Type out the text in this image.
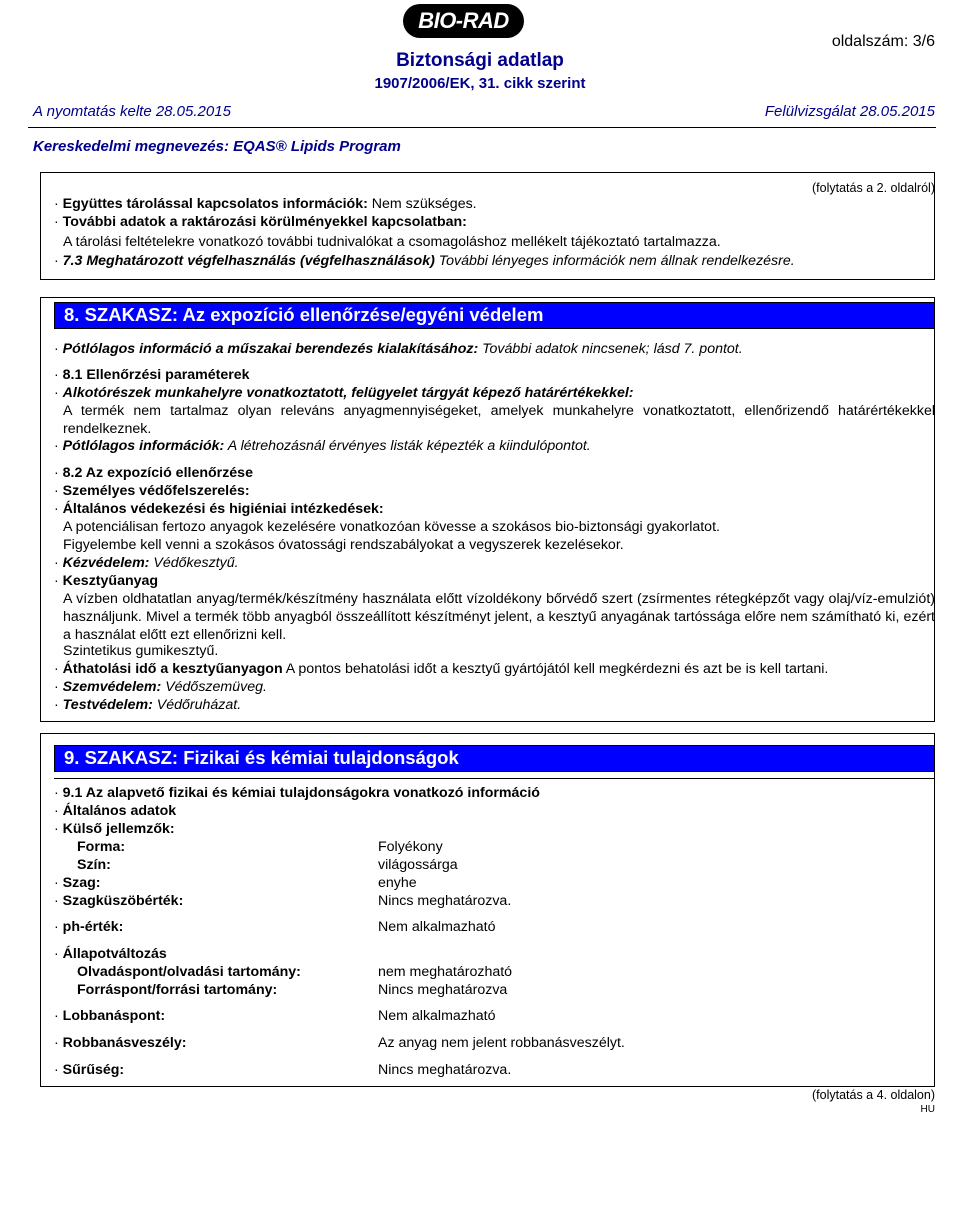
BIO-RAD
oldalszám: 3/6
Biztonsági adatlap
1907/2006/EK, 31. cikk szerint
A nyomtatás kelte 28.05.2015	Felülvizsgálat 28.05.2015
Kereskedelmi megnevezés: EQAS® Lipids Program
(folytatás a 2. oldalról)
· Együttes tárolással kapcsolatos információk: Nem szükséges.
· További adatok a raktározási körülményekkel kapcsolatban:
A tárolási feltételekre vonatkozó további tudnivalókat a csomagoláshoz mellékelt tájékoztató tartalmazza.
· 7.3 Meghatározott végfelhasználás (végfelhasználások) További lényeges információk nem állnak rendelkezésre.
8. SZAKASZ: Az expozíció ellenőrzése/egyéni védelem
· Pótlólagos információ a műszakai berendezés kialakításához: További adatok nincsenek; lásd 7. pontot.
· 8.1 Ellenőrzési paraméterek
· Alkotórészek munkahelyre vonatkoztatott, felügyelet tárgyát képező határértékekkel:
A termék nem tartalmaz olyan releváns anyagmennyiségeket, amelyek munkahelyre vonatkoztatott, ellenőrizendő határértékekkel rendelkeznek.
· Pótlólagos információk: A létrehozásnál érvényes listák képezték a kiindulópontot.
· 8.2 Az expozíció ellenőrzése
· Személyes védőfelszerelés:
· Általános védekezési és higiéniai intézkedések:
A potenciálisan fertozo anyagok kezelésére vonatkozóan kövesse a szokásos bio-biztonsági gyakorlatot.
Figyelembe kell venni a szokásos óvatossági rendszabályokat a vegyszerek kezelésekor.
· Kézvédelem: Védőkesztyű.
· Kesztyűanyag
A vízben oldhatatlan anyag/termék/készítmény használata előtt vízoldékony bőrvédő szert (zsírmentes rétegképzőt vagy olaj/víz-emulziót) használjunk. Mivel a termék több anyagból összeállított készítményt jelent, a kesztyű anyagának tartóssága előre nem számítható ki, ezért a használat előtt ezt ellenőrizni kell.
Szintetikus gumikesztyű.
· Áthatolási idő a kesztyűanyagon A pontos behatolási időt a kesztyű gyártójától kell megkérdezni és azt be is kell tartani.
· Szemvédelem: Védőszemüveg.
· Testvédelem: Védőruházat.
9. SZAKASZ: Fizikai és kémiai tulajdonságok
· 9.1 Az alapvető fizikai és kémiai tulajdonságokra vonatkozó információ
· Általános adatok
· Külső jellemzők:
Forma:	Folyékony
Szín:	világossárga
· Szag:	enyhe
· Szagküszöbérték:	Nincs meghatározva.
· ph-érték:	Nem alkalmazható
· Állapotváltozás
Olvadáspont/olvadási tartomány:	nem meghatározható
Forráspont/forrási tartomány:	Nincs meghatározva
· Lobbanáspont:	Nem alkalmazható
· Robbanásveszély:	Az anyag nem jelent robbanásveszélyt.
· Sűrűség:	Nincs meghatározva.
(folytatás a 4. oldalon)
HU
